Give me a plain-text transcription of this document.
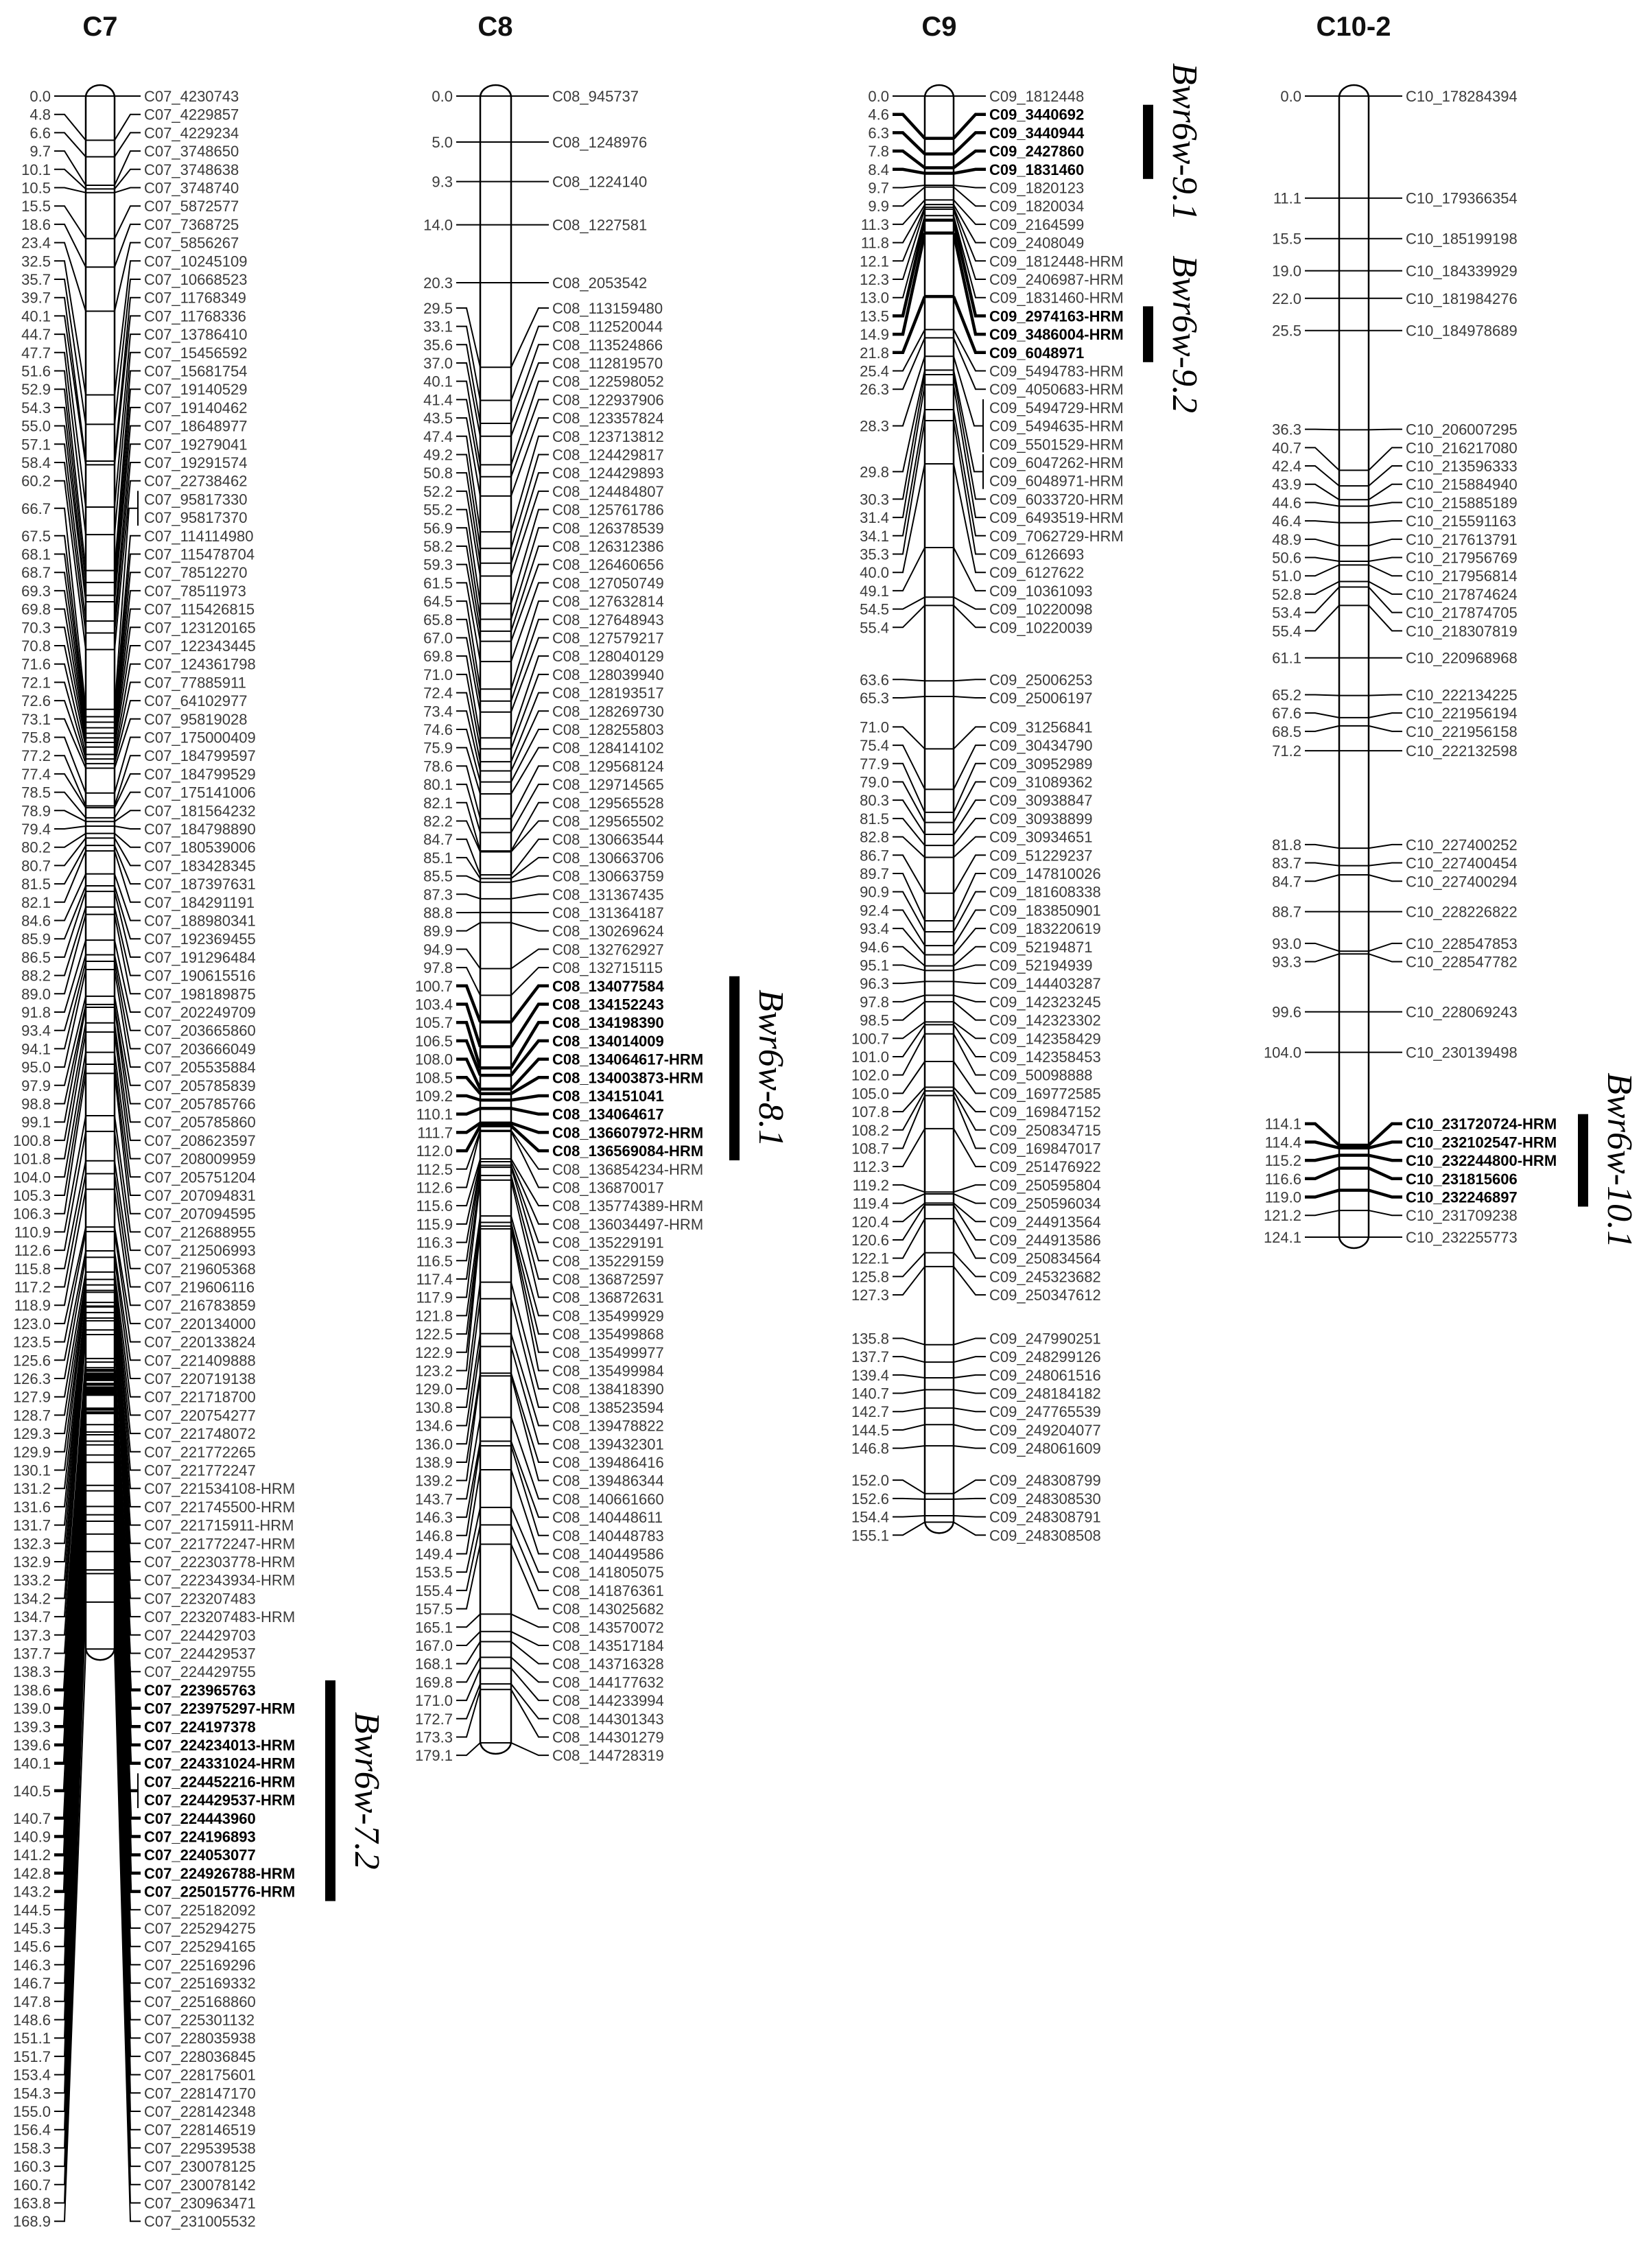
C7	C8	C9	C10-2
0.0	C07_4230743
4.8	C07_4229857
6.6	C07_4229234
9.7	C07_3748650
10.1	C07_3748638
10.5	C07_3748740
15.5	C07_5872577
18.6	C07_7368725
23.4	C07_5856267
32.5	C07_10245109
35.7	C07_10668523
39.7	C07_11768349
40.1	C07_11768336
44.7	C07_13786410
47.7	C07_15456592
51.6	C07_15681754
52.9	C07_19140529
54.3	C07_19140462
55.0	C07_18648977
57.1	C07_19279041
58.4	C07_19291574
60.2	C07_22738462
66.7
C07_95817330
C07_95817370
67.5	C07_114114980
68.1	C07_115478704
68.7	C07_78512270
69.3	C07_78511973
69.8	C07_115426815
70.3	C07_123120165
70.8	C07_122343445
71.6	C07_124361798
72.1	C07_77885911
72.6	C07_64102977
73.1	C07_95819028
75.8	C07_175000409
77.2	C07_184799597
77.4	C07_184799529
78.5	C07_175141006
78.9	C07_181564232
79.4	C07_184798890
80.2	C07_180539006
80.7	C07_183428345
81.5	C07_187397631
82.1	C07_184291191
84.6	C07_188980341
85.9	C07_192369455
86.5	C07_191296484
88.2	C07_190615516
89.0	C07_198189875
91.8	C07_202249709
93.4	C07_203665860
94.1	C07_203666049
95.0	C07_205535884
97.9	C07_205785839
98.8	C07_205785766
99.1	C07_205785860
100.8	C07_208623597
101.8	C07_208009959
104.0	C07_205751204
105.3	C07_207094831
106.3	C07_207094595
110.9	C07_212688955
112.6	C07_212506993
115.8	C07_219605368
117.2	C07_219606116
118.9	C07_216783859
123.0	C07_220134000
123.5	C07_220133824
125.6	C07_221409888
126.3	C07_220719138
127.9	C07_221718700
128.7	C07_220754277
129.3	C07_221748072
129.9	C07_221772265
130.1	C07_221772247
131.2	C07_221534108-HRM
131.6	C07_221745500-HRM
131.7	C07_221715911-HRM
132.3	C07_221772247-HRM
132.9	C07_222303778-HRM
133.2	C07_222343934-HRM
134.2	C07_223207483
134.7	C07_223207483-HRM
137.3	C07_224429703
137.7	C07_224429537
138.3	C07_224429755
138.6	C07_223965763
139.0	C07_223975297-HRM
139.3	C07_224197378
139.6	C07_224234013-HRM
140.1	C07_224331024-HRM
140.5
C07_224452216-HRM
C07_224429537-HRM
140.7	C07_224443960
140.9	C07_224196893
141.2	C07_224053077
142.8	C07_224926788-HRM
143.2	C07_225015776-HRM
144.5	C07_225182092
145.3	C07_225294275
145.6	C07_225294165
146.3	C07_225169296
146.7	C07_225169332
147.8	C07_225168860
148.6	C07_225301132
151.1	C07_228035938
151.7	C07_228036845
153.4	C07_228175601
154.3	C07_228147170
155.0	C07_228142348
156.4	C07_228146519
158.3	C07_229539538
160.3	C07_230078125
160.7	C07_230078142
163.8	C07_230963471
168.9	C07_231005532
0.0	C08_945737
5.0	C08_1248976
9.3	C08_1224140
14.0	C08_1227581
20.3	C08_2053542
29.5	C08_113159480
33.1	C08_112520044
35.6	C08_113524866
37.0	C08_112819570
40.1	C08_122598052
41.4	C08_122937906
43.5	C08_123357824
47.4	C08_123713812
49.2	C08_124429817
50.8	C08_124429893
52.2	C08_124484807
55.2	C08_125761786
56.9	C08_126378539
58.2	C08_126312386
59.3	C08_126460656
61.5	C08_127050749
64.5	C08_127632814
65.8	C08_127648943
67.0	C08_127579217
69.8	C08_128040129
71.0	C08_128039940
72.4	C08_128193517
73.4	C08_128269730
74.6	C08_128255803
75.9	C08_128414102
78.6	C08_129568124
80.1	C08_129714565
82.1	C08_129565528
82.2	C08_129565502
84.7	C08_130663544
85.1	C08_130663706
85.5	C08_130663759
87.3	C08_131367435
88.8	C08_131364187
89.9	C08_130269624
94.9	C08_132762927
97.8	C08_132715115
100.7	C08_134077584
103.4	C08_134152243
105.7	C08_134198390
106.5	C08_134014009
108.0	C08_134064617-HRM
108.5	C08_134003873-HRM
109.2	C08_134151041
110.1	C08_134064617
111.7	C08_136607972-HRM
112.0	C08_136569084-HRM
112.5	C08_136854234-HRM
112.6	C08_136870017
115.6	C08_135774389-HRM
115.9	C08_136034497-HRM
116.3	C08_135229191
116.5	C08_135229159
117.4	C08_136872597
117.9	C08_136872631
121.8	C08_135499929
122.5	C08_135499868
122.9	C08_135499977
123.2	C08_135499984
129.0	C08_138418390
130.8	C08_138523594
134.6	C08_139478822
136.0	C08_139432301
138.9	C08_139486416
139.2	C08_139486344
143.7	C08_140661660
146.3	C08_140448611
146.8	C08_140448783
149.4	C08_140449586
153.5	C08_141805075
155.4	C08_141876361
157.5	C08_143025682
165.1	C08_143570072
167.0	C08_143517184
168.1	C08_143716328
169.8	C08_144177632
171.0	C08_144233994
172.7	C08_144301343
173.3	C08_144301279
179.1	C08_144728319
0.0	C09_1812448
4.6	C09_3440692
6.3	C09_3440944
7.8	C09_2427860
8.4	C09_1831460
9.7	C09_1820123
9.9	C09_1820034
11.3	C09_2164599
11.8	C09_2408049
12.1	C09_1812448-HRM
12.3	C09_2406987-HRM
13.0	C09_1831460-HRM
13.5	C09_2974163-HRM
14.9	C09_3486004-HRM
21.8	C09_6048971
25.4	C09_5494783-HRM
26.3	C09_4050683-HRM
28.3
C09_5494729-HRM
C09_5494635-HRM
C09_5501529-HRM
29.8
C09_6047262-HRM
C09_6048971-HRM
30.3	C09_6033720-HRM
31.4	C09_6493519-HRM
34.1	C09_7062729-HRM
35.3	C09_6126693
40.0	C09_6127622
49.1	C09_10361093
54.5	C09_10220098
55.4	C09_10220039
63.6	C09_25006253
65.3	C09_25006197
71.0	C09_31256841
75.4	C09_30434790
77.9	C09_30952989
79.0	C09_31089362
80.3	C09_30938847
81.5	C09_30938899
82.8	C09_30934651
86.7	C09_51229237
89.7	C09_147810026
90.9	C09_181608338
92.4	C09_183850901
93.4	C09_183220619
94.6	C09_52194871
95.1	C09_52194939
96.3	C09_144403287
97.8	C09_142323245
98.5	C09_142323302
100.7	C09_142358429
101.0	C09_142358453
102.0	C09_50098888
105.0	C09_169772585
107.8	C09_169847152
108.2	C09_250834715
108.7	C09_169847017
112.3	C09_251476922
119.2	C09_250595804
119.4	C09_250596034
120.4	C09_244913564
120.6	C09_244913586
122.1	C09_250834564
125.8	C09_245323682
127.3	C09_250347612
135.8	C09_247990251
137.7	C09_248299126
139.4	C09_248061516
140.7	C09_248184182
142.7	C09_247765539
144.5	C09_249204077
146.8	C09_248061609
152.0	C09_248308799
152.6	C09_248308530
154.4	C09_248308791
155.1	C09_248308508
0.0	C10_178284394
11.1	C10_179366354
15.5	C10_185199198
19.0	C10_184339929
22.0	C10_181984276
25.5	C10_184978689
36.3	C10_206007295
40.7	C10_216217080
42.4	C10_213596333
43.9	C10_215884940
44.6	C10_215885189
46.4	C10_215591163
48.9	C10_217613791
50.6	C10_217956769
51.0	C10_217956814
52.8	C10_217874624
53.4	C10_217874705
55.4	C10_218307819
61.1	C10_220968968
65.2	C10_222134225
67.6	C10_221956194
68.5	C10_221956158
71.2	C10_222132598
81.8	C10_227400252
83.7	C10_227400454
84.7	C10_227400294
88.7	C10_228226822
93.0	C10_228547853
93.3	C10_228547782
99.6	C10_228069243
104.0	C10_230139498
114.1	C10_231720724-HRM
114.4	C10_232102547-HRM
115.2	C10_232244800-HRM
116.6	C10_231815606
119.0	C10_232246897
121.2	C10_231709238
124.1	C10_232255773
Bwr6w-7.2
Bwr6w-8.1
Bwr6w-9.1
Bwr6w-9.2
Bwr6w-10.1
